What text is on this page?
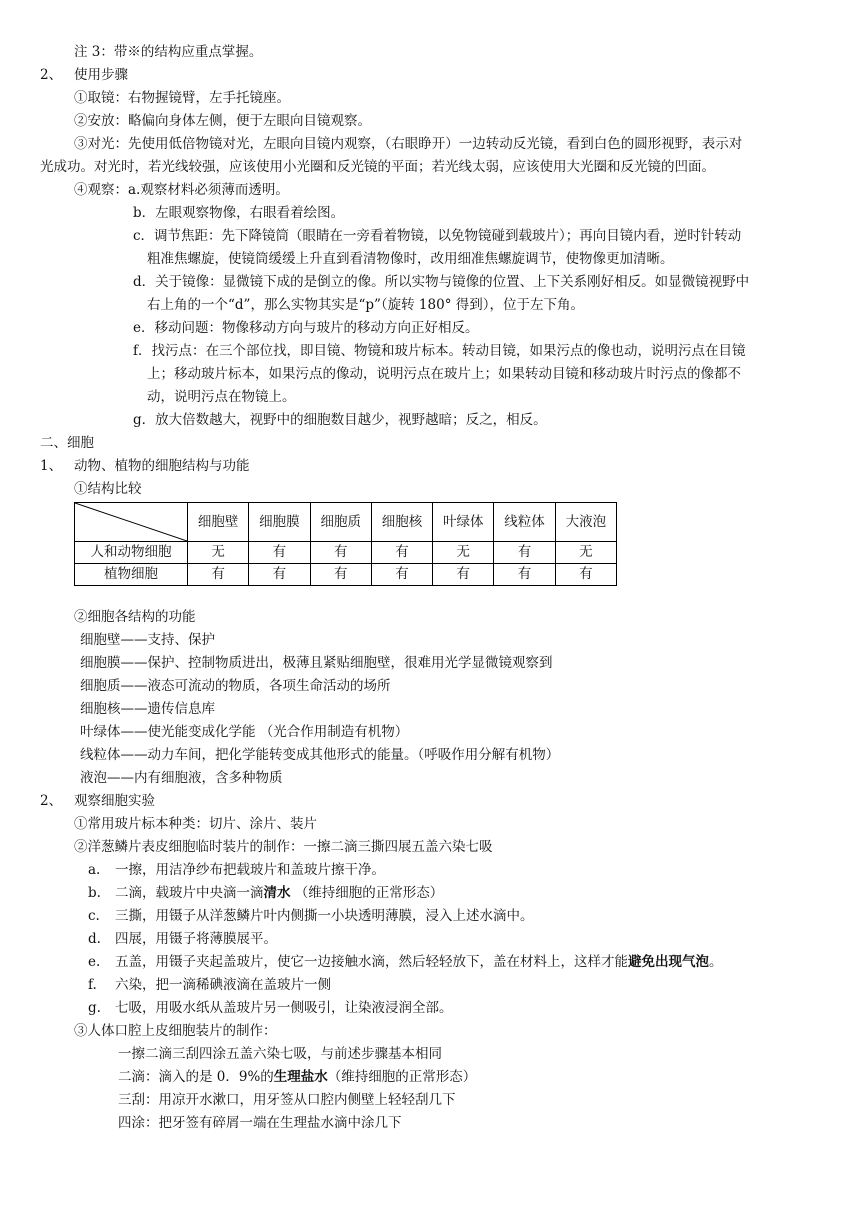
注 3：带※的结构应重点掌握。
2、 使用步骤
①取镜：右物握镜臂，左手托镜座。
②安放：略偏向身体左侧，便于左眼向目镜观察。
③对光：先使用低倍物镜对光，左眼向目镜内观察，（右眼睁开）一边转动反光镜，看到白色的圆形视野，表示对
光成功。对光时，若光线较强，应该使用小光圈和反光镜的平面；若光线太弱，应该使用大光圈和反光镜的凹面。
④观察：a.观察材料必须薄而透明。
b．左眼观察物像，右眼看着绘图。
c．调节焦距：先下降镜筒（眼睛在一旁看着物镜，以免物镜碰到载玻片）；再向目镜内看，逆时针转动
粗准焦螺旋，使镜筒缓缓上升直到看清物像时，改用细准焦螺旋调节，使物像更加清晰。
d．关于镜像：显微镜下成的是倒立的像。所以实物与镜像的位置、上下关系刚好相反。如显微镜视野中
右上角的一个“d”，那么实物其实是“p”（旋转 180° 得到），位于左下角。
e．移动问题：物像移动方向与玻片的移动方向正好相反。
f．找污点：在三个部位找，即目镜、物镜和玻片标本。转动目镜，如果污点的像也动，说明污点在目镜
上；移动玻片标本，如果污点的像动，说明污点在玻片上；如果转动目镜和移动玻片时污点的像都不
动，说明污点在物镜上。
g．放大倍数越大，视野中的细胞数目越少，视野越暗；反之，相反。
二、细胞
1、 动物、植物的细胞结构与功能
①结构比较
	细胞壁	细胞膜	细胞质	细胞核	叶绿体	线粒体	大液泡
人和动物细胞	无	有	有	有	无	有	无
植物细胞	有	有	有	有	有	有	有
②细胞各结构的功能
细胞壁——支持、保护
细胞膜——保护、控制物质进出，极薄且紧贴细胞壁，很难用光学显微镜观察到
细胞质——液态可流动的物质，各项生命活动的场所
细胞核——遗传信息库
叶绿体——使光能变成化学能 （光合作用制造有机物）
线粒体——动力车间，把化学能转变成其他形式的能量。（呼吸作用分解有机物）
液泡——内有细胞液，含多种物质
2、 观察细胞实验
①常用玻片标本种类：切片、涂片、装片
②洋葱鳞片表皮细胞临时装片的制作：一擦二滴三撕四展五盖六染七吸
a. 一擦，用洁净纱布把载玻片和盖玻片擦干净。
b. 二滴，载玻片中央滴一滴清水 （维持细胞的正常形态）
c. 三撕，用镊子从洋葱鳞片叶内侧撕一小块透明薄膜，浸入上述水滴中。
d. 四展，用镊子将薄膜展平。
e. 五盖，用镊子夹起盖玻片，使它一边接触水滴，然后轻轻放下，盖在材料上，这样才能避免出现气泡。
f. 六染，把一滴稀碘液滴在盖玻片一侧
g. 七吸，用吸水纸从盖玻片另一侧吸引，让染液浸润全部。
③人体口腔上皮细胞装片的制作：
一擦二滴三刮四涂五盖六染七吸，与前述步骤基本相同
二滴：滴入的是 0．9%的生理盐水（维持细胞的正常形态）
三刮：用凉开水漱口，用牙签从口腔内侧壁上轻轻刮几下
四涂：把牙签有碎屑一端在生理盐水滴中涂几下
